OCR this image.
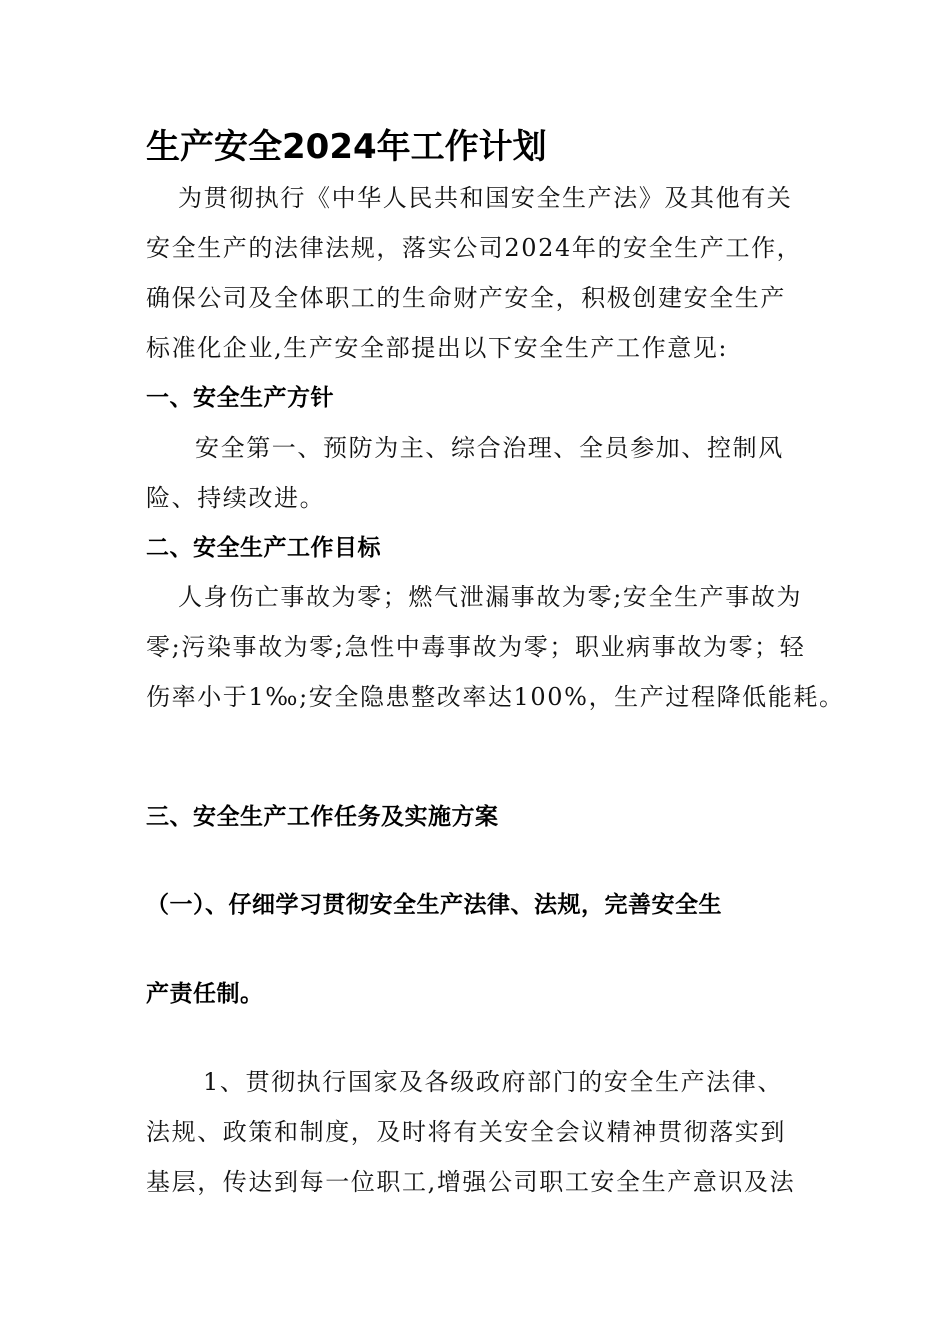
生产安全2024年工作计划
为贯彻执行《中华人民共和国安全生产法》及其他有关
安全生产的法律法规，落实公司2024年的安全生产工作，
确保公司及全体职工的生命财产安全，积极创建安全生产
标准化企业,生产安全部提出以下安全生产工作意见:
一、安全生产方针
安全第一、预防为主、综合治理、全员参加、控制风
险、持续改进。
二、安全生产工作目标
人身伤亡事故为零；燃气泄漏事故为零;安全生产事故为
零;污染事故为零;急性中毒事故为零；职业病事故为零；轻
伤率小于1‰;安全隐患整改率达100%，生产过程降低能耗。
三、安全生产工作任务及实施方案
（一）、仔细学习贯彻安全生产法律、法规，完善安全生
产责任制。
1、贯彻执行国家及各级政府部门的安全生产法律、
法规、政策和制度，及时将有关安全会议精神贯彻落实到
基层，传达到每一位职工,增强公司职工安全生产意识及法
